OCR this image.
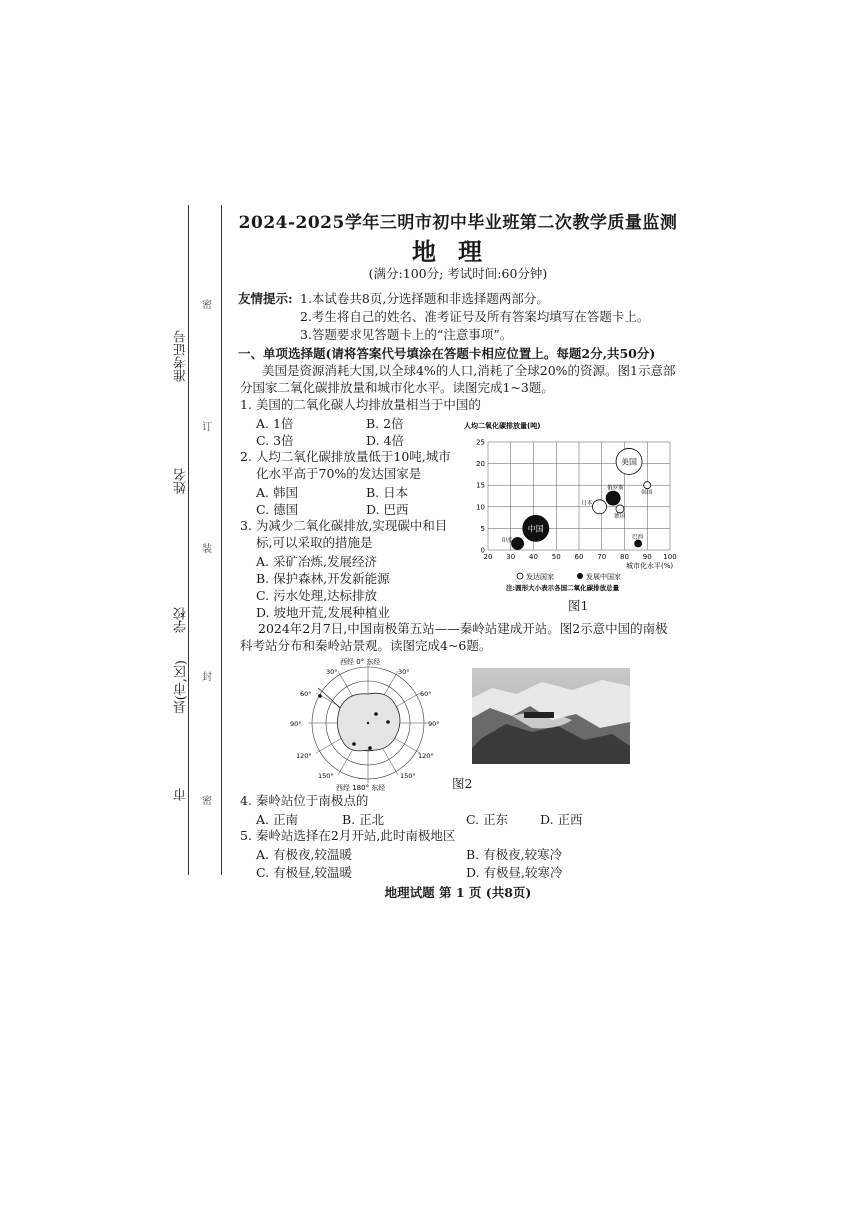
准考证号
姓名
学校
县(市,区)
市
密
订
装
封
密
2024-2025学年三明市初中毕业班第二次教学质量监测
地理
(满分:100分; 考试时间:60分钟)
友情提示: 1.本试卷共8页,分选择题和非选择题两部分。
2.考生将自己的姓名、准考证号及所有答案均填写在答题卡上。
3.答题要求见答题卡上的“注意事项”。
一、单项选择题(请将答案代号填涂在答题卡相应位置上。每题2分,共50分)
美国是资源消耗大国,以全球4%的人口,消耗了全球20%的资源。图1示意部
分国家二氧化碳排放量和城市化水平。读图完成1~3题。
1. 美国的二氧化碳人均排放量相当于中国的
A. 1倍	B. 2倍
C. 3倍	D. 4倍
2. 人均二氧化碳排放量低于10吨,城市
化水平高于70%的发达国家是
A. 韩国	B. 日本
C. 德国	D. 巴西
3. 为减少二氧化碳排放,实现碳中和目
标,可以采取的措施是
A. 采矿冶炼,发展经济
B. 保护森林,开发新能源
C. 污水处理,达标排放
D. 坡地开荒,发展种植业
人均二氧化碳排放量(吨)
0
5
10
15
20
25
20 30 40 50 60 70 80 90 100
美国
中国
俄罗斯
日本
德国
韩国
印度
巴西
城市化水平(%)
发达国家	发展中国家
注:圆形大小表示各国二氧化碳排放总量
图1
2024年2月7日,中国南极第五站——秦岭站建成开站。图2示意中国的南极
科考站分布和秦岭站景观。读图完成4~6题。
西经 0° 东经
西经 180° 东经
30°	30°
60°	60°
90°	90°
120°	120°
150°	150°	图2
4. 秦岭站位于南极点的
A. 正南	B. 正北	C. 正东	D. 正西
5. 秦岭站选择在2月开站,此时南极地区
A. 有极夜,较温暖	B. 有极夜,较寒冷
C. 有极昼,较温暖	D. 有极昼,较寒冷
地理试题 第 1 页 (共8页)
